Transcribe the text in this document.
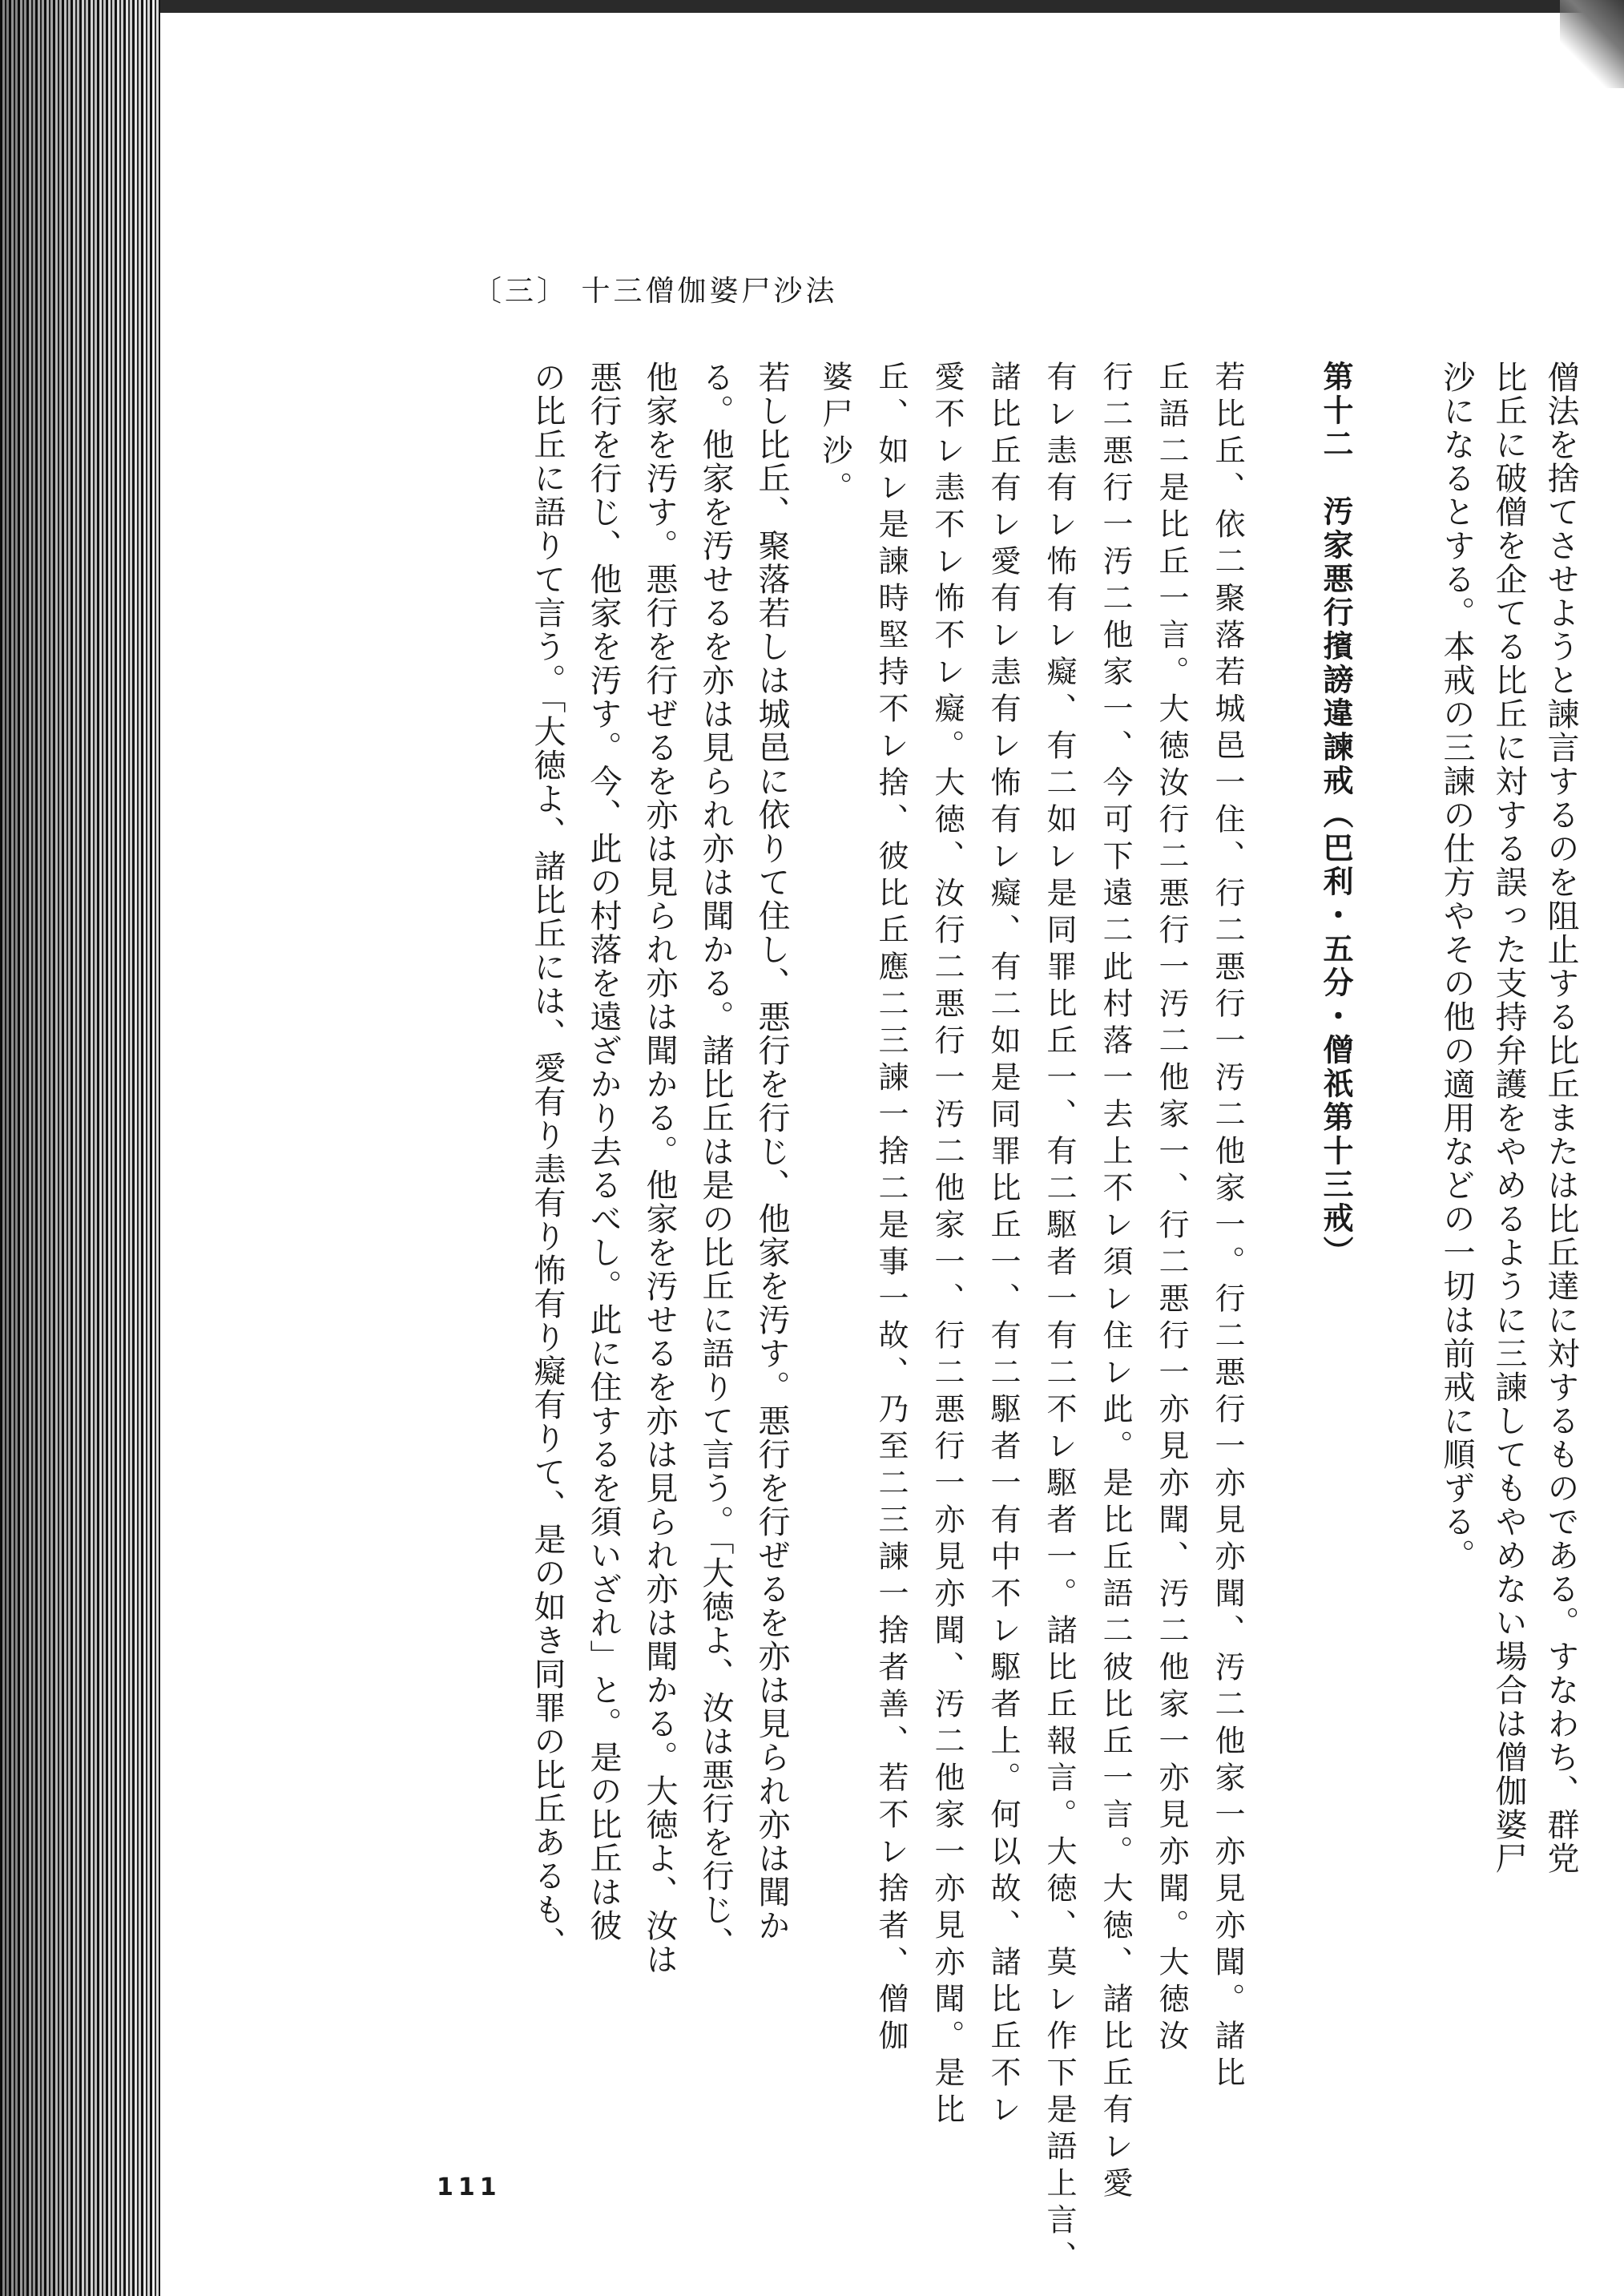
〔三〕 十三僧伽婆尸沙法
僧法を捨てさせようと諫言するのを阻止する比丘または比丘達に対するものである。すなわち、群党
比丘に破僧を企てる比丘に対する誤った支持弁護をやめるように三諫してもやめない場合は僧伽婆尸
沙になるとする。本戒の三諫の仕方やその他の適用などの一切は前戒に順ずる。
第十二　汚家悪行擯謗違諫戒（巴利・五分・僧祇第十三戒）
若比丘、依二聚落若城邑一住、行二悪行一汚二他家一。行二悪行一亦見亦聞、汚二他家一亦見亦聞。諸比
丘語二是比丘一言。大徳汝行二悪行一汚二他家一、行二悪行一亦見亦聞、汚二他家一亦見亦聞。大徳汝
行二悪行一汚二他家一、今可下遠二此村落一去上不レ須レ住レ此。是比丘語二彼比丘一言。大徳、諸比丘有レ愛
有レ恚有レ怖有レ癡、有二如レ是同罪比丘一、有二駆者一有二不レ駆者一。諸比丘報言。大徳、莫レ作下是語上言、
諸比丘有レ愛有レ恚有レ怖有レ癡、有二如是同罪比丘一、有二駆者一有中不レ駆者上。何以故、諸比丘不レ
愛不レ恚不レ怖不レ癡。大徳、汝行二悪行一汚二他家一、行二悪行一亦見亦聞、汚二他家一亦見亦聞。是比
丘、如レ是諫時堅持不レ捨、彼比丘應二三諫一捨二是事一故、乃至二三諫一捨者善、若不レ捨者、僧伽
婆尸沙。
若し比丘、聚落若しは城邑に依りて住し、悪行を行じ、他家を汚す。悪行を行ぜるを亦は見られ亦は聞か
る。他家を汚せるを亦は見られ亦は聞かる。諸比丘は是の比丘に語りて言う。「大徳よ、汝は悪行を行じ、
他家を汚す。悪行を行ぜるを亦は見られ亦は聞かる。他家を汚せるを亦は見られ亦は聞かる。大徳よ、汝は
悪行を行じ、他家を汚す。今、此の村落を遠ざかり去るべし。此に住するを須いざれ」と。是の比丘は彼
の比丘に語りて言う。「大徳よ、諸比丘には、愛有り恚有り怖有り癡有りて、是の如き同罪の比丘あるも、
111
